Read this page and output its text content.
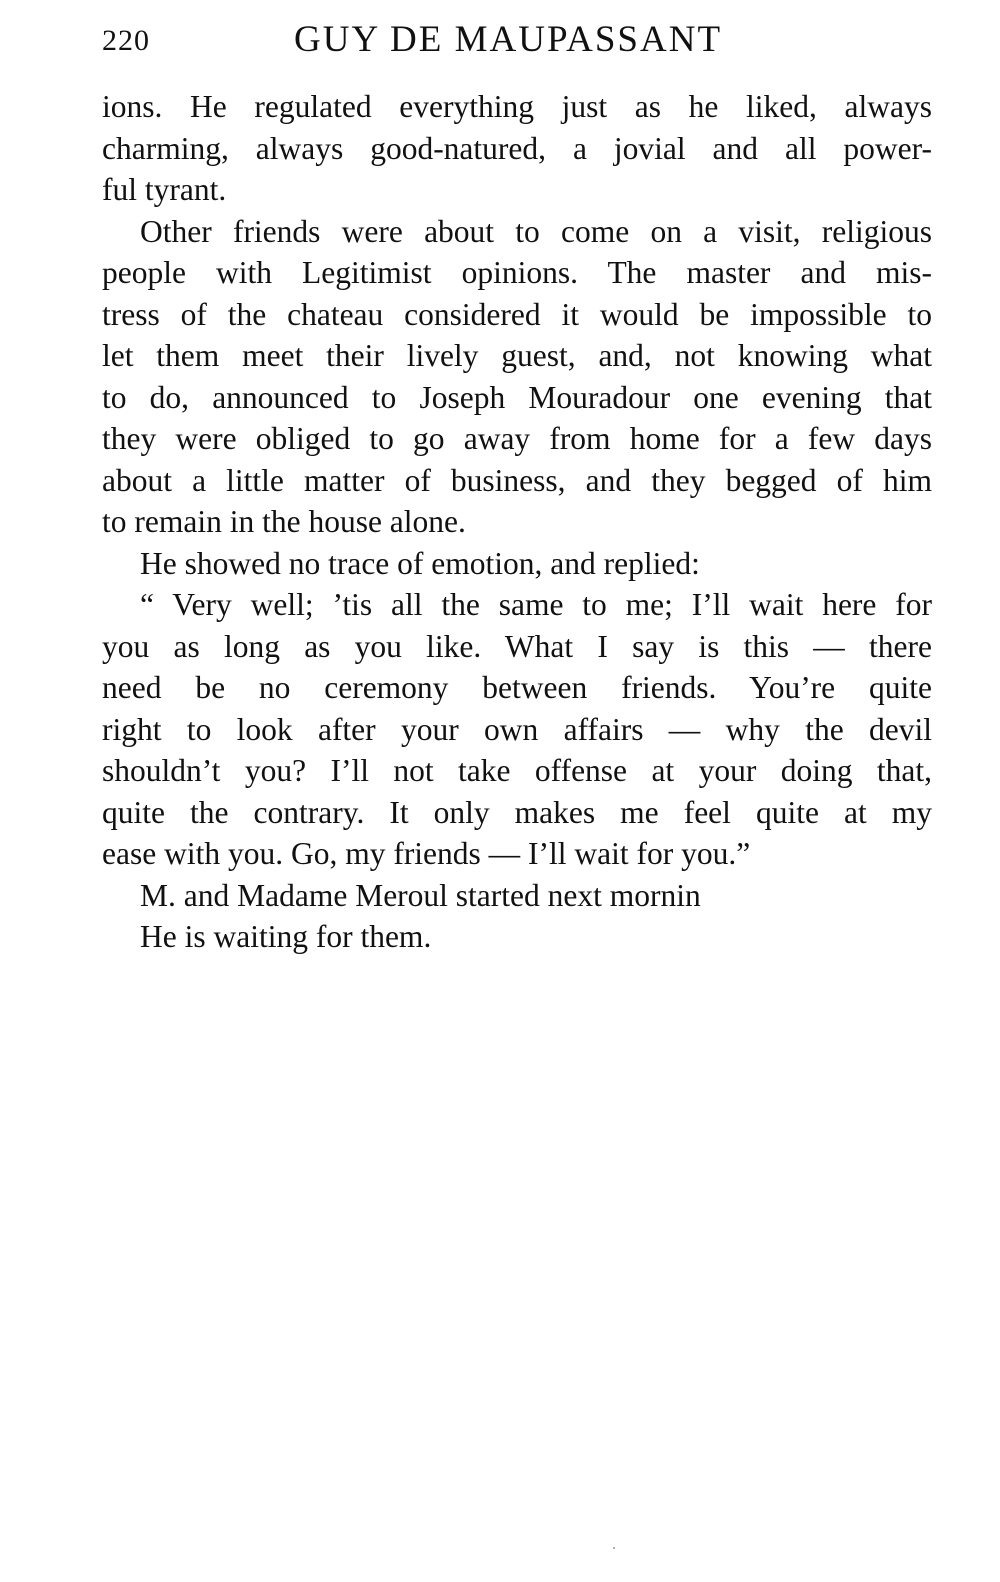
220	GUY DE MAUPASSANT
ions. He regulated everything just as he liked, always
charming, always good-natured, a jovial and all power-
ful tyrant.
Other friends were about to come on a visit, religious
people with Legitimist opinions. The master and mis-
tress of the chateau considered it would be impossible to
let them meet their lively guest, and, not knowing what
to do, announced to Joseph Mouradour one evening that
they were obliged to go away from home for a few days
about a little matter of business, and they begged of him
to remain in the house alone.
He showed no trace of emotion, and replied:
“ Very well; ’tis all the same to me; I’ll wait here for
you as long as you like. What I say is this — there
need be no ceremony between friends. You’re quite
right to look after your own affairs — why the devil
shouldn’t you? I’ll not take offense at your doing that,
quite the contrary. It only makes me feel quite at my
ease with you. Go, my friends — I’ll wait for you.”
M. and Madame Meroul started next mornin
He is waiting for them.
